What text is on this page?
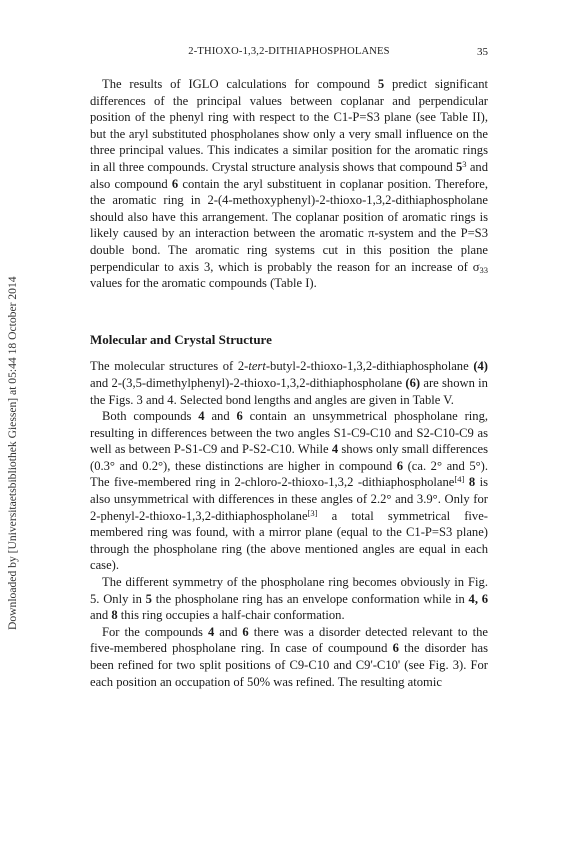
2-THIOXO-1,3,2-DITHIAPHOSPHOLANES	35
Downloaded by [Universitaetsbibliothek Giessen] at 05:44 18 October 2014

The results of IGLO calculations for compound 5 predict significant differences of the principal values between coplanar and perpendicular position of the phenyl ring with respect to the C1-P=S3 plane (see Table II), but the aryl substituted phospholanes show only a very small influence on the three principal values. This indicates a similar position for the aromatic rings in all three compounds. Crystal structure analysis shows that compound $5^3$ and also compound 6 contain the aryl substituent in coplanar position. Therefore, the aromatic ring in 2-(4-methoxyphenyl)-2-thioxo-1,3,2-dithiaphospholane should also have this arrangement. The coplanar position of aromatic rings is likely caused by an interaction between the aromatic π-system and the P=S3 double bond. The aromatic ring systems cut in this position the plane perpendicular to axis 3, which is probably the reason for an increase of $\sigma_{33}$ values for the aromatic compounds (Table I).

Molecular and Crystal Structure

The molecular structures of 2-tert-butyl-2-thioxo-1,3,2-dithiaphospholane (4) and 2-(3,5-dimethylphenyl)-2-thioxo-1,3,2-dithiaphospholane (6) are shown in the Figs. 3 and 4. Selected bond lengths and angles are given in Table V.

Both compounds 4 and 6 contain an unsymmetrical phospholane ring, resulting in differences between the two angles S1-C9-C10 and S2-C10-C9 as well as between P-S1-C9 and P-S2-C10. While 4 shows only small differences (0.3° and 0.2°), these distinctions are higher in compound 6 (ca. 2° and 5°). The five-membered ring in 2-chloro-2-thioxo-1,3,2 -dithiaphospholane[4] 8 is also unsymmetrical with differences in these angles of 2.2° and 3.9°. Only for 2-phenyl-2-thioxo-1,3,2-dithiaphospholane[3] a total symmetrical five-membered ring was found, with a mirror plane (equal to the C1-P=S3 plane) through the phospholane ring (the above mentioned angles are equal in each case).

The different symmetry of the phospholane ring becomes obviously in Fig. 5. Only in 5 the phospholane ring has an envelope conformation while in 4, 6 and 8 this ring occupies a half-chair conformation.

For the compounds 4 and 6 there was a disorder detected relevant to the five-membered phospholane ring. In case of coumpound 6 the disorder has been refined for two split positions of C9-C10 and C9'-C10' (see Fig. 3). For each position an occupation of 50% was refined. The resulting atomic
